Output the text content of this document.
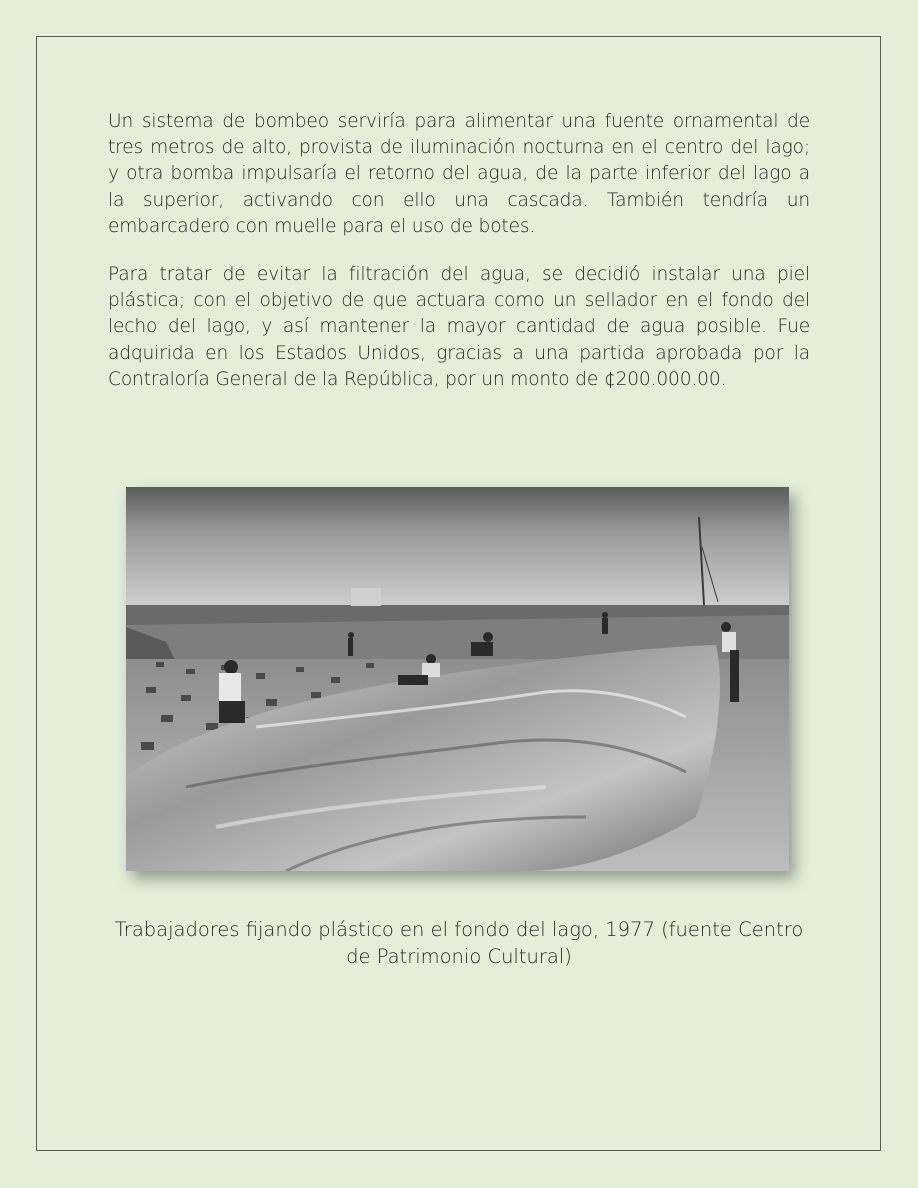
Un sistema de bombeo serviría para alimentar una fuente ornamental de tres metros de alto, provista de iluminación nocturna en el centro del lago; y otra bomba impulsaría el retorno del agua, de la parte inferior del lago a la superior, activando con ello una cascada. También tendría un embarcadero con muelle para el uso de botes.

Para tratar de evitar la filtración del agua, se decidió instalar una piel plástica; con el objetivo de que actuara como un sellador en el fondo del lecho del lago, y así mantener la mayor cantidad de agua posible. Fue adquirida en los Estados Unidos, gracias a una partida aprobada por la Contraloría General de la República, por un monto de ¢200.000.00.

Trabajadores fijando plástico en el fondo del lago, 1977 (fuente Centro de Patrimonio Cultural)
